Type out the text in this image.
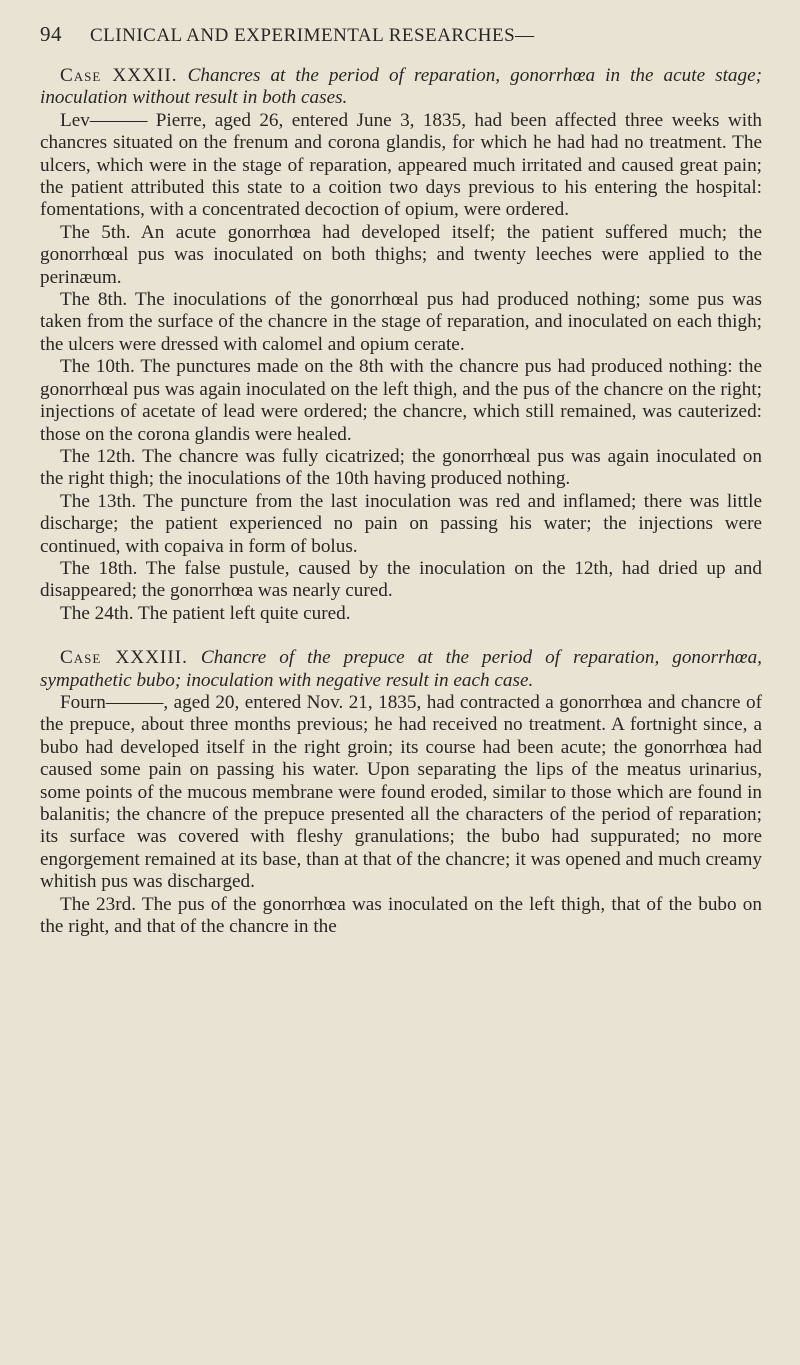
94	CLINICAL AND EXPERIMENTAL RESEARCHES—

Case XXXII. Chancres at the period of reparation, gonorrhœa in the acute stage; inoculation without result in both cases.

Lev——— Pierre, aged 26, entered June 3, 1835, had been affected three weeks with chancres situated on the frenum and corona glandis, for which he had had no treatment. The ulcers, which were in the stage of reparation, appeared much irritated and caused great pain; the patient attributed this state to a coition two days previous to his entering the hospital: fomentations, with a concentrated decoction of opium, were ordered.

The 5th. An acute gonorrhœa had developed itself; the patient suffered much; the gonorrhœal pus was inoculated on both thighs; and twenty leeches were applied to the perinæum.

The 8th. The inoculations of the gonorrhœal pus had produced nothing; some pus was taken from the surface of the chancre in the stage of reparation, and inoculated on each thigh; the ulcers were dressed with calomel and opium cerate.

The 10th. The punctures made on the 8th with the chancre pus had produced nothing: the gonorrhœal pus was again inoculated on the left thigh, and the pus of the chancre on the right; injections of acetate of lead were ordered; the chancre, which still remained, was cauterized: those on the corona glandis were healed.

The 12th. The chancre was fully cicatrized; the gonorrhœal pus was again inoculated on the right thigh; the inoculations of the 10th having produced nothing.

The 13th. The puncture from the last inoculation was red and inflamed; there was little discharge; the patient experienced no pain on passing his water; the injections were continued, with copaiva in form of bolus.

The 18th. The false pustule, caused by the inoculation on the 12th, had dried up and disappeared; the gonorrhœa was nearly cured.

The 24th. The patient left quite cured.

Case XXXIII. Chancre of the prepuce at the period of reparation, gonorrhœa, sympathetic bubo; inoculation with negative result in each case.

Fourn———, aged 20, entered Nov. 21, 1835, had contracted a gonorrhœa and chancre of the prepuce, about three months previous; he had received no treatment. A fortnight since, a bubo had developed itself in the right groin; its course had been acute; the gonorrhœa had caused some pain on passing his water. Upon separating the lips of the meatus urinarius, some points of the mucous membrane were found eroded, similar to those which are found in balanitis; the chancre of the prepuce presented all the characters of the period of reparation; its surface was covered with fleshy granulations; the bubo had suppurated; no more engorgement remained at its base, than at that of the chancre; it was opened and much creamy whitish pus was discharged.

The 23rd. The pus of the gonorrhœa was inoculated on the left thigh, that of the bubo on the right, and that of the chancre in the
